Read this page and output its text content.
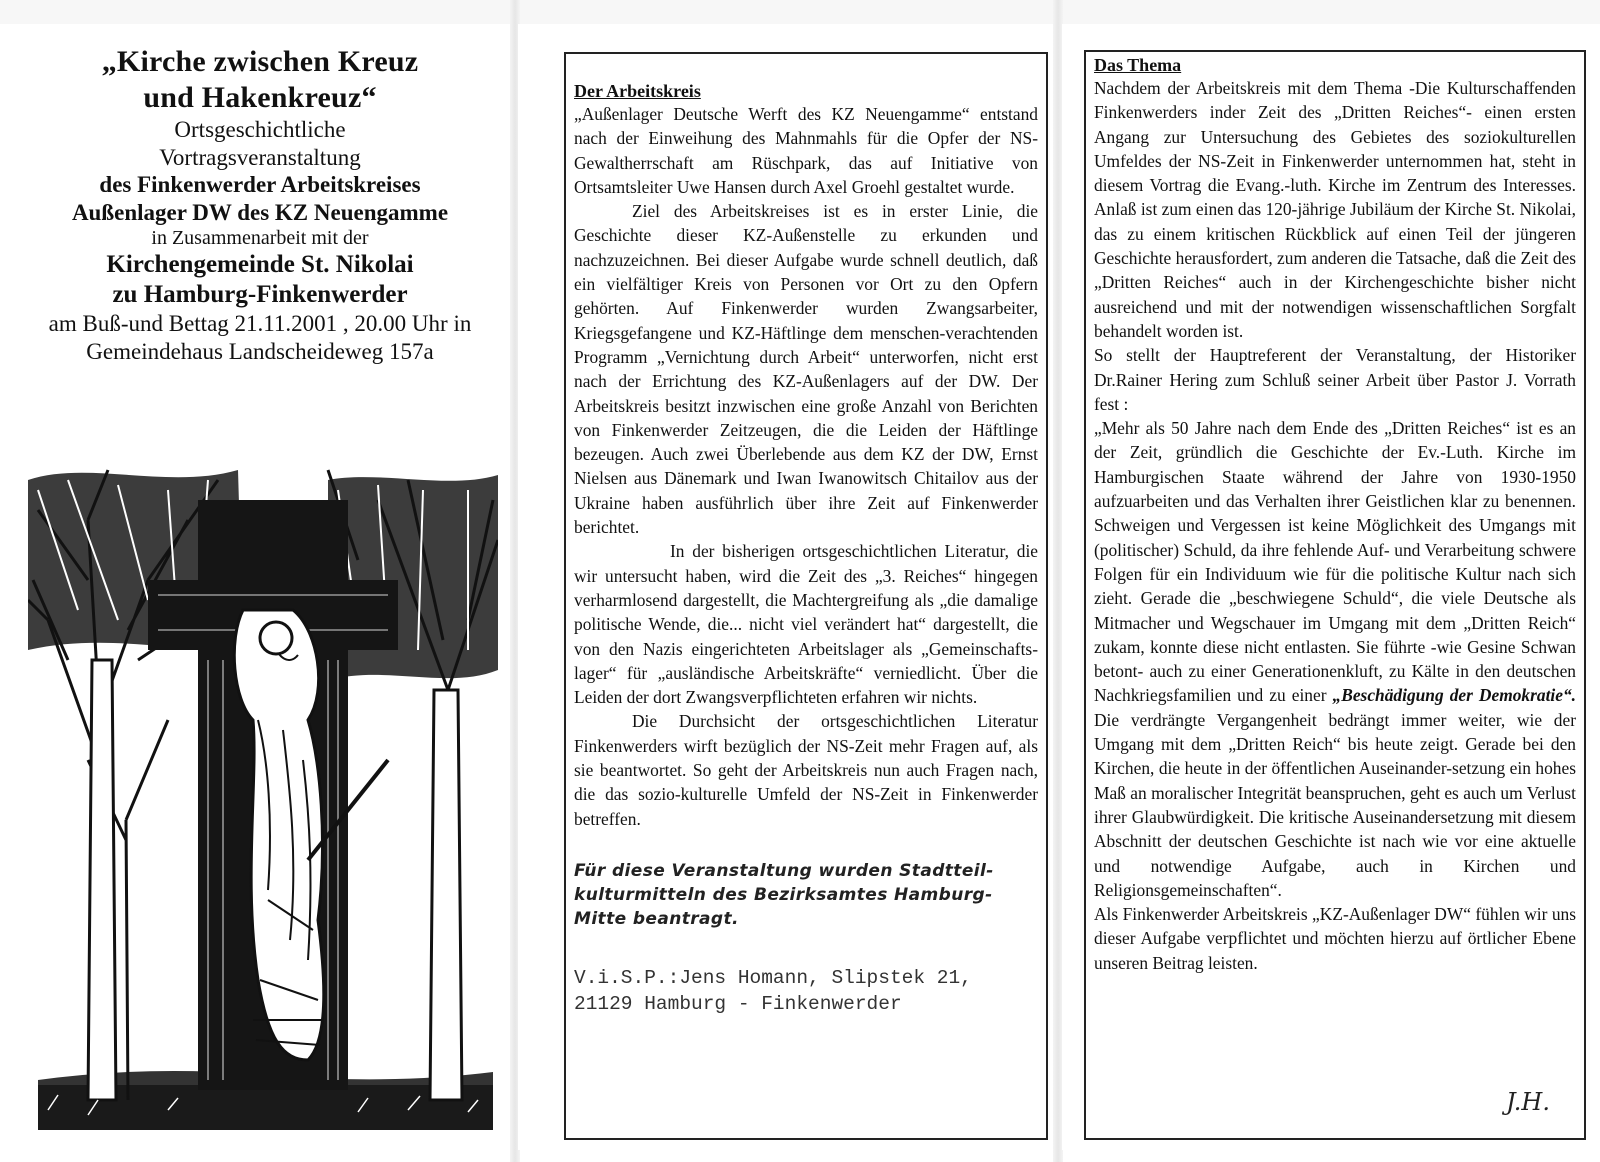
„Kirche zwischen Kreuz
und Hakenkreuz“
Ortsgeschichtliche
Vortragsveranstaltung
des Finkenwerder Arbeitskreises
Außenlager DW des KZ Neuengamme
in Zusammenarbeit mit der
Kirchengemeinde St. Nikolai
zu Hamburg-Finkenwerder
am Buß-und Bettag 21.11.2001 , 20.00 Uhr in
Gemeindehaus Landscheideweg 157a

Der Arbeitskreis

„Außenlager Deutsche Werft des KZ Neuengamme“ entstand nach der Einweihung des Mahnmahls für die Opfer der NS-Gewaltherrschaft am Rüschpark, das auf Initiative von Ortsamtsleiter Uwe Hansen durch Axel Groehl gestaltet wurde.

Ziel des Arbeitskreises ist es in erster Linie, die Geschichte dieser KZ-Außenstelle zu erkunden und nachzuzeichnen. Bei dieser Aufgabe wurde schnell deutlich, daß ein vielfältiger Kreis von Personen vor Ort zu den Opfern gehörten. Auf Finkenwerder wurden Zwangsarbeiter, Kriegsgefangene und KZ-Häftlinge dem menschen-verachtenden Programm „Vernichtung durch Arbeit“ unterworfen, nicht erst nach der Errichtung des KZ-Außenlagers auf der DW. Der Arbeitskreis besitzt inzwischen eine große Anzahl von Berichten von Finkenwerder Zeitzeugen, die die Leiden der Häftlinge bezeugen. Auch zwei Überlebende aus dem KZ der DW, Ernst Nielsen aus Dänemark und Iwan Iwanowitsch Chitailov aus der Ukraine haben ausführlich über ihre Zeit auf Finkenwerder berichtet.

In der bisherigen ortsgeschichtlichen Literatur, die wir untersucht haben, wird die Zeit des „3. Reiches“ hingegen verharmlosend dargestellt, die Machtergreifung als „die damalige politische Wende, die... nicht viel verändert hat“ dargestellt, die von den Nazis eingerichteten Arbeitslager als „Gemeinschafts-lager“ für „ausländische Arbeitskräfte“ verniedlicht. Über die Leiden der dort Zwangsverpflichteten erfahren wir nichts.

Die Durchsicht der ortsgeschichtlichen Literatur Finkenwerders wirft bezüglich der NS-Zeit mehr Fragen auf, als sie beantwortet. So geht der Arbeitskreis nun auch Fragen nach, die das sozio-kulturelle Umfeld der NS-Zeit in Finkenwerder betreffen.

Für diese Veranstaltung wurden Stadtteil-kulturmitteln des Bezirksamtes Hamburg-Mitte beantragt.

V.i.S.P.:Jens Homann, Slipstek 21,
21129 Hamburg - Finkenwerder

Das Thema

Nachdem der Arbeitskreis mit dem Thema -Die Kulturschaffenden Finkenwerders inder Zeit des „Dritten Reiches“- einen ersten Angang zur Untersuchung des Gebietes des soziokulturellen Umfeldes der NS-Zeit in Finkenwerder unternommen hat, steht in diesem Vortrag die Evang.-luth. Kirche im Zentrum des Interesses. Anlaß ist zum einen das 120-jährige Jubiläum der Kirche St. Nikolai, das zu einem kritischen Rückblick auf einen Teil der jüngeren Geschichte herausfordert, zum anderen die Tatsache, daß die Zeit des „Dritten Reiches“ auch in der Kirchengeschichte bisher nicht ausreichend und mit der notwendigen wissenschaftlichen Sorgfalt behandelt worden ist.

So stellt der Hauptreferent der Veranstaltung, der Historiker Dr.Rainer Hering zum Schluß seiner Arbeit über Pastor J. Vorrath fest :

„Mehr als 50 Jahre nach dem Ende des „Dritten Reiches“ ist es an der Zeit, gründlich die Geschichte der Ev.-Luth. Kirche im Hamburgischen Staate während der Jahre von 1930-1950 aufzuarbeiten und das Verhalten ihrer Geistlichen klar zu benennen. Schweigen und Vergessen ist keine Möglichkeit des Umgangs mit (politischer) Schuld, da ihre fehlende Auf- und Verarbeitung schwere Folgen für ein Individuum wie für die politische Kultur nach sich zieht. Gerade die „beschwiegene Schuld“, die viele Deutsche als Mitmacher und Wegschauer im Umgang mit dem „Dritten Reich“ zukam, konnte diese nicht entlasten. Sie führte -wie Gesine Schwan betont- auch zu einer Generationenkluft, zu Kälte in den deutschen Nachkriegsfamilien und zu einer „Beschädigung der Demokratie“. Die verdrängte Vergangenheit bedrängt immer weiter, wie der Umgang mit dem „Dritten Reich“ bis heute zeigt. Gerade bei den Kirchen, die heute in der öffentlichen Auseinander-setzung ein hohes Maß an moralischer Integrität beanspruchen, geht es auch um Verlust ihrer Glaubwürdigkeit. Die kritische Auseinandersetzung mit diesem Abschnitt der deutschen Geschichte ist nach wie vor eine aktuelle und notwendige Aufgabe, auch in Kirchen und Religionsgemeinschaften“.

Als Finkenwerder Arbeitskreis „KZ-Außenlager DW“ fühlen wir uns dieser Aufgabe verpflichtet und möchten hierzu auf örtlicher Ebene unseren Beitrag leisten.

J.H.
